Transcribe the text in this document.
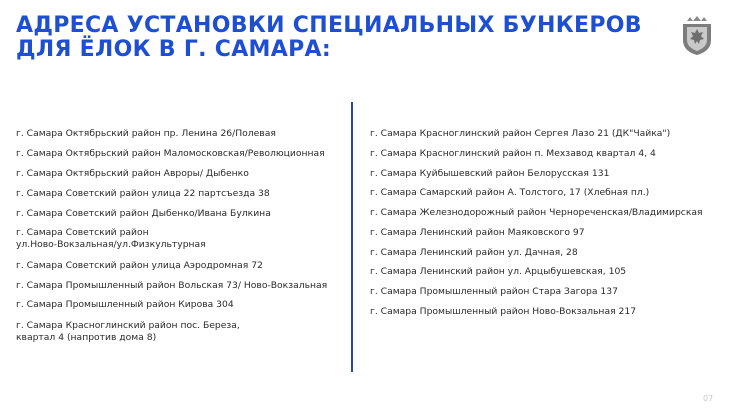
АДРЕСА УСТАНОВКИ СПЕЦИАЛЬНЫХ БУНКЕРОВ
ДЛЯ ЁЛОК В Г. САМАРА:
г. Самара Октябрьский район пр. Ленина 26/Полевая
г. Самара Октябрьский район Маломосковская/Революционная
г. Самара Октябрьский район Авроры/ Дыбенко
г. Самара Советский район улица 22 партсъезда 38
г. Самара Советский район Дыбенко/Ивана Булкина
г. Самара Советский район
ул.Ново-Вокзальная/ул.Физкультурная
г. Самара Советский район улица Аэродромная 72
г. Самара Промышленный район Вольская 73/ Ново-Вокзальная
г. Самара Промышленный район Кирова 304
г. Самара Красноглинский район пос. Береза,
квартал 4 (напротив дома 8)
г. Самара Красноглинский район Сергея Лазо 21 (ДК"Чайка")
г. Самара Красноглинский район п. Мехзавод квартал 4, 4
г. Самара Куйбышевский район Белорусская 131
г. Самара Самарский район А. Толстого, 17 (Хлебная пл.)
г. Самара Железнодорожный район Чернореченская/Владимирская
г. Самара Ленинский район Маяковского 97
г. Самара Ленинский район ул. Дачная, 28
г. Самара Ленинский район ул. Арцыбушевская, 105
г. Самара Промышленный район Стара Загора 137
г. Самара Промышленный район Ново-Вокзальная 217
07
